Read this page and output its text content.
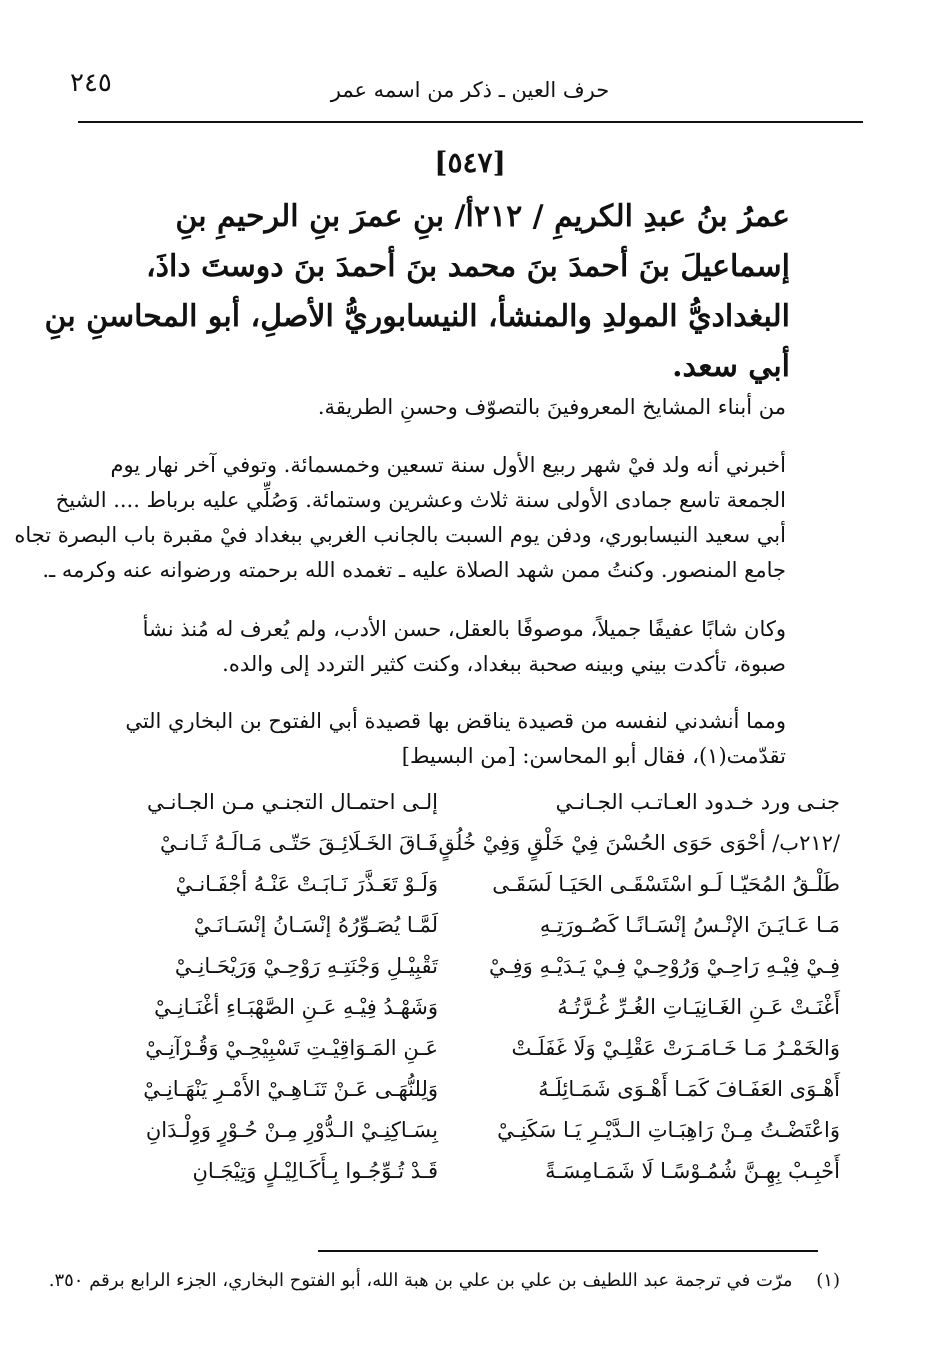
حرف العين ـ ذكر من اسمه عمر
٢٤٥
[٥٤٧]
عمرُ بنُ عبدِ الكريمِ / ٢١٢أ/ بنِ عمرَ بنِ الرحيمِ بنِ
إسماعيلَ بنَ أحمدَ بنَ محمد بنَ أحمدَ بنَ دوستَ داذَ،
البغداديُّ المولدِ والمنشأ، النيسابوريُّ الأصلِ، أبو المحاسنِ بنِ
أبي سعد.
من أبناء المشايخ المعروفينَ بالتصوّف وحسنِ الطريقة.
أخبرني أنه ولد فيْ شهر ربيع الأول سنة تسعين وخمسمائة. وتوفي آخر نهار يوم
الجمعة تاسع جمادى الأولى سنة ثلاث وعشرين وستمائة. وَصُلِّي عليه برباط .... الشيخ
أبي سعيد النيسابوري، ودفن يوم السبت بالجانب الغربي ببغداد فيْ مقبرة باب البصرة تجاه
جامع المنصور. وكنتُ ممن شهد الصلاة عليه ـ تغمده الله برحمته ورضوانه عنه وكرمه ـ.
وكان شابًا عفيفًا جميلاً، موصوفًا بالعقل، حسن الأدب، ولم يُعرف له مُنذ نشأ
صبوة، تأكدت بيني وبينه صحبة ببغداد، وكنت كثير التردد إلى والده.
ومما أنشدني لنفسه من قصيدة يناقض بها قصيدة أبي الفتوح بن البخاري التي
تقدّمت(١)، فقال أبو المحاسن: [من البسيط]
جنـى ورد خـدود العـاتـب الجـانـي
إلـى احتمـال التجنـي مـن الجـانـي
/٢١٢ب/ أحْوَى حَوَى الحُسْنَ فِيْ خَلْقٍ وَفِيْ خُلُقٍ
فَـاقَ الخَـلَائِـقَ حَتّـى مَـالَـهُ ثَـانـيْ
طَلْـقُ المُحَيّـا لَـو اسْتَسْقَـى الحَيَـا لَسَقَـى
وَلَـوْ تَعَـذَّرَ نَـابَـتْ عَنْـهُ أجْفَـانـيْ
مَـا عَـايَـنَ الإنْـسُ إنْسَـانًـا كَصُـورَتِـهِ
لَمَّـا يُصَـوِّرُهُ إنْسَـانُ إنْسَـانَـيْ
فِـيْ فِيْـهِ رَاحِـيْ وَرُوْحِـيْ فِـيْ يَـدَيْـهِ وَفِـيْ
تَقْبِيْـلِ وَجْنَتِـهِ رَوْحِـيْ وَرَيْحَـانِـيْ
أَغْنَـتْ عَـنِ الغَـانِيَـاتِ الغُـرِّ غُـرَّتُـهُ
وَشَهْـدُ فِيْـهِ عَـنِ الصَّهْبَـاءِ أغْنَـانِـيْ
وَالخَمْـرُ مَـا خَـامَـرَتْ عَقْلِـيْ وَلَا غَفَلَـتْ
عَـنِ المَـوَاقِيْـتِ تَسْبِيْحِـيْ وَقُـرْآنِـيْ
أَهْـوَى العَفَـافَ كَمَـا أَهْـوَى شَمَـائِلَـهُ
وَلِلنُّهَـى عَـنْ تَنَـاهِـيْ الأَمْـرِ يَنْهَـانِـيْ
وَاعْتَضْـتُ مِـنْ رَاهِبَـاتِ الـدَّيْـرِ يَـا سَكَنِـيْ
بِسَـاكِنِـيْ الـدُّوْرِ مِـنْ حُـوْرٍ وَوِلْـدَانِ
أَحْبِـبْ بِهِـنَّ شُمُـوْسًـا لَا شَمَـامِسَـةً
قَـدْ تُـوِّجُـوا بِـأَكَـالِيْـلٍ وَتِيْجَـانِ
(١) مرّت في ترجمة عبد اللطيف بن علي بن علي بن هبة الله، أبو الفتوح البخاري، الجزء الرابع برقم ٣٥٠.
